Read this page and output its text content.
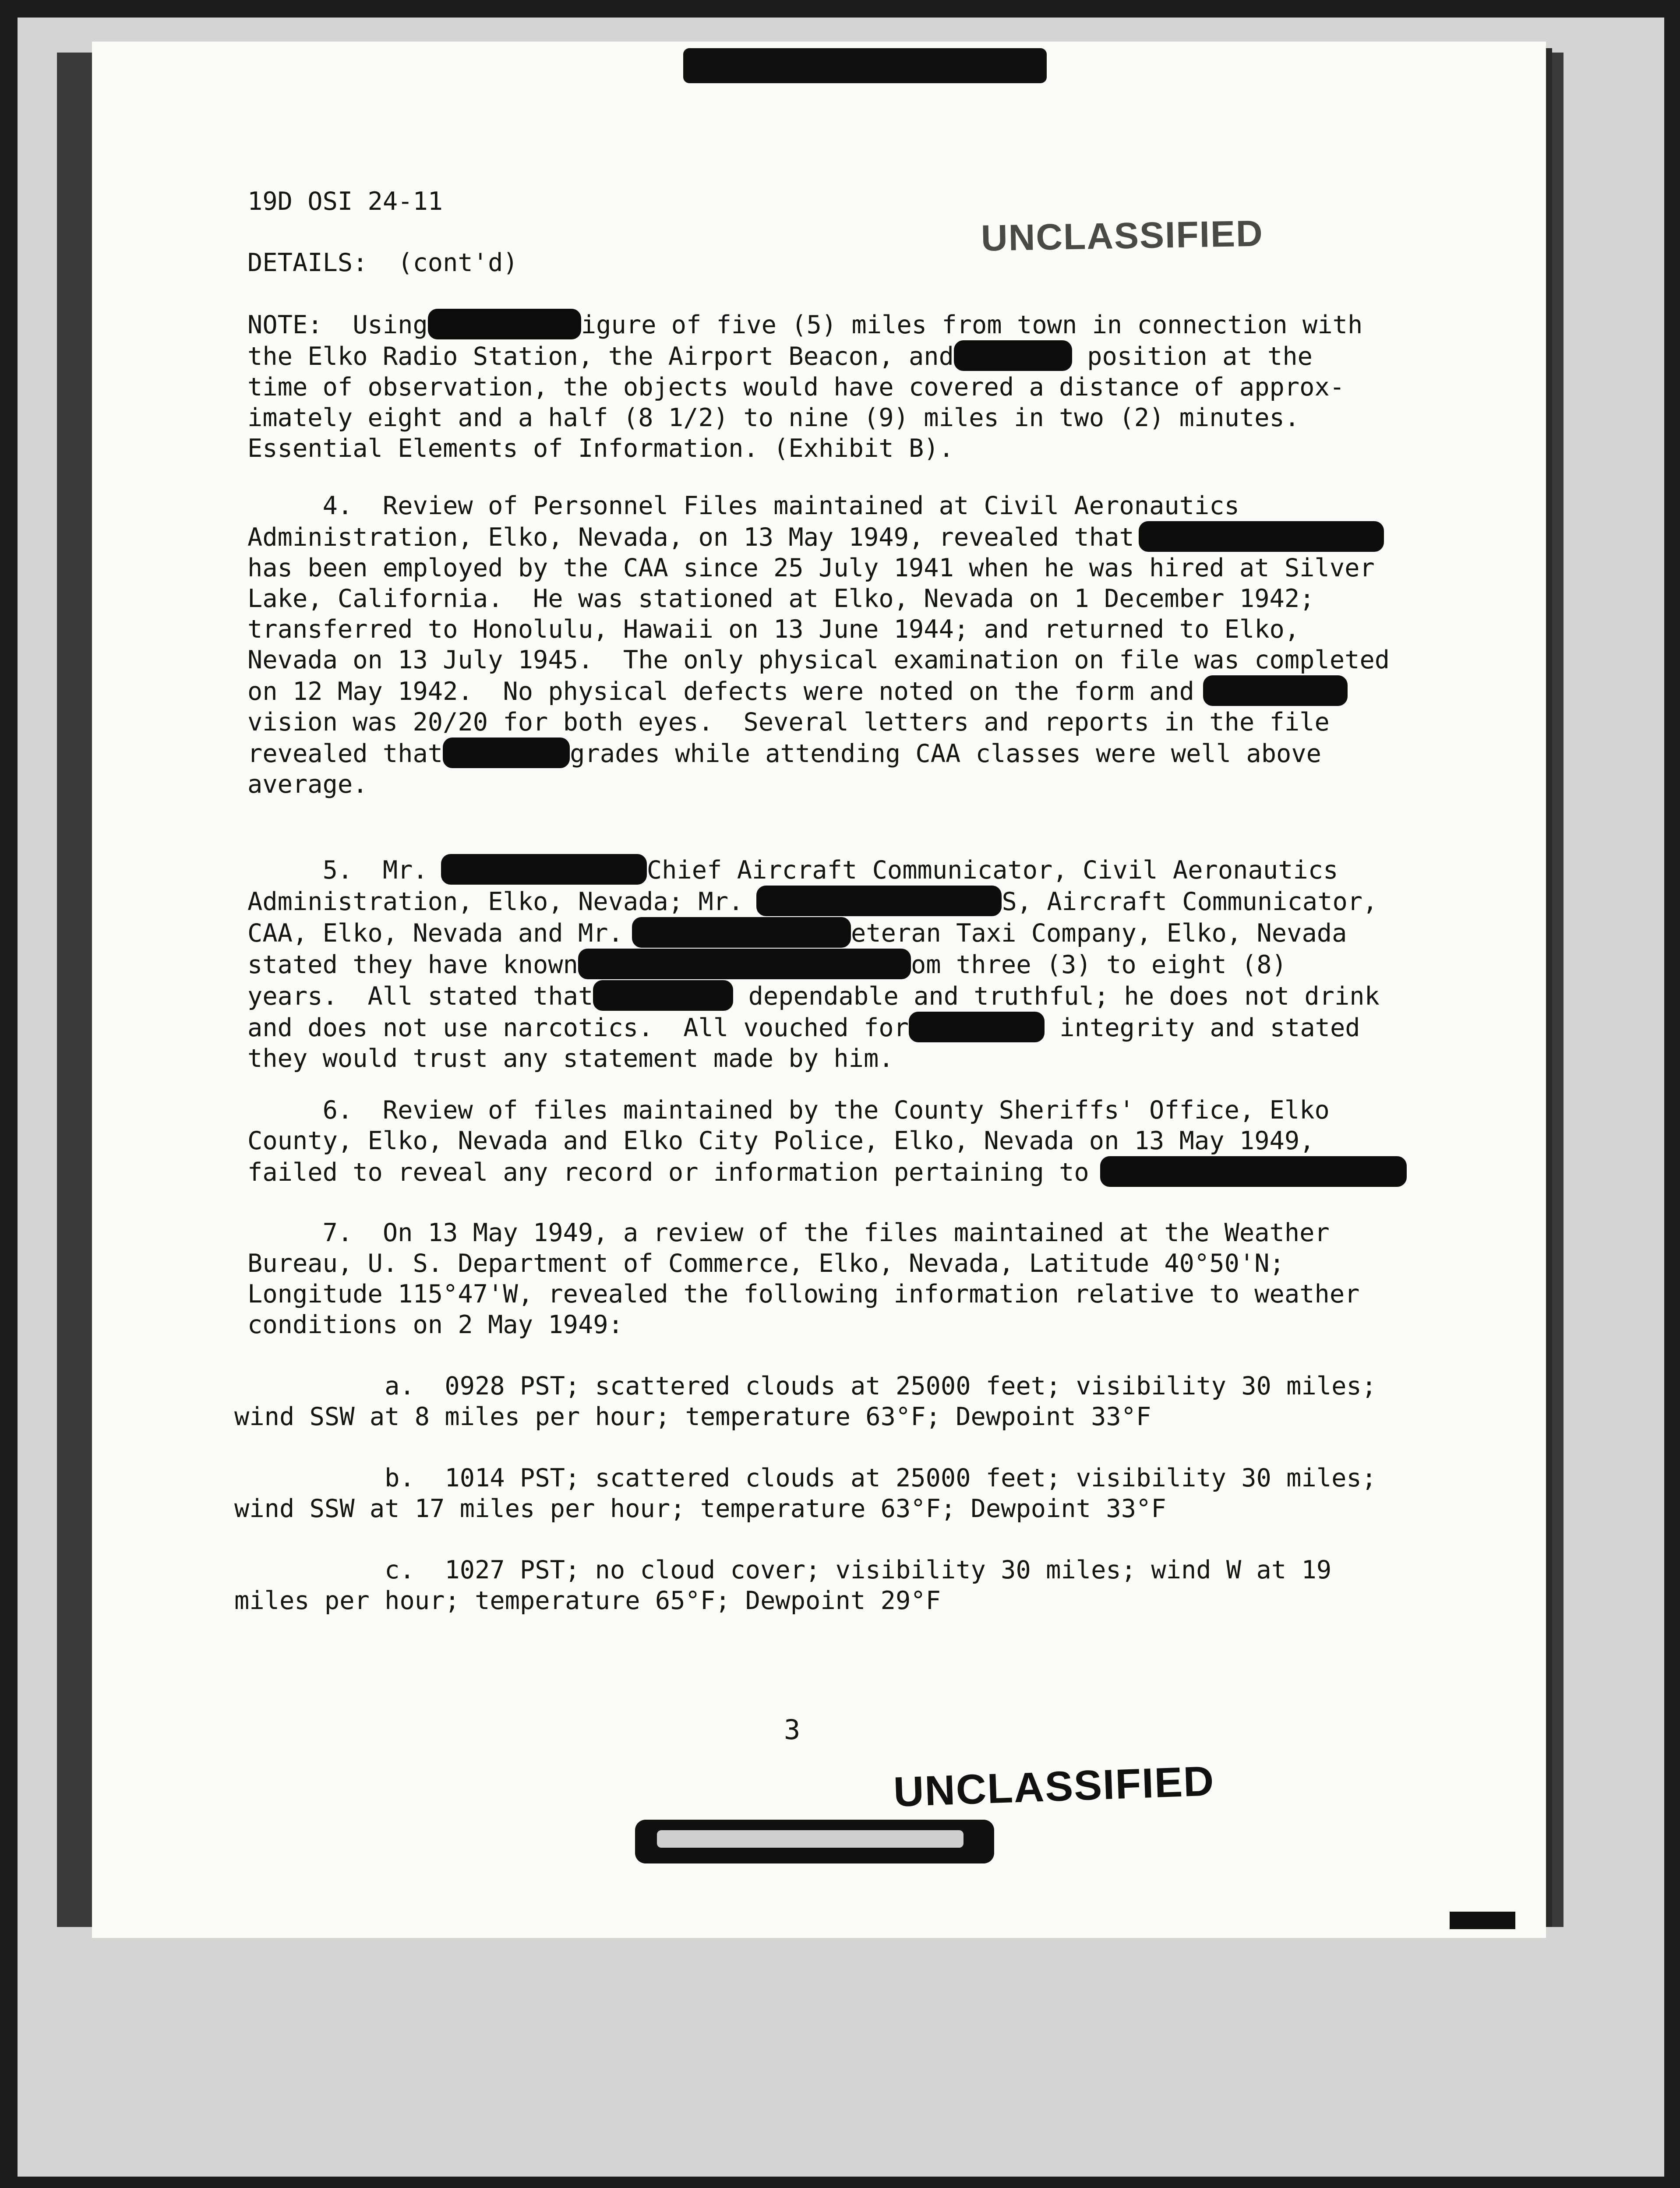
19D OSI 24-11
UNCLASSIFIED
DETAILS:  (cont'd)
NOTE:  Using	igure of five (5) miles from town in connection with
the Elko Radio Station, the Airport Beacon, and	position at the
time of observation, the objects would have covered a distance of approx-
imately eight and a half (8 1/2) to nine (9) miles in two (2) minutes.
Essential Elements of Information. (Exhibit B).
4.  Review of Personnel Files maintained at Civil Aeronautics
Administration, Elko, Nevada, on 13 May 1949, revealed that
has been employed by the CAA since 25 July 1941 when he was hired at Silver
Lake, California.  He was stationed at Elko, Nevada on 1 December 1942;
transferred to Honolulu, Hawaii on 13 June 1944; and returned to Elko,
Nevada on 13 July 1945.  The only physical examination on file was completed
on 12 May 1942.  No physical defects were noted on the form and
vision was 20/20 for both eyes.  Several letters and reports in the file
revealed that	grades while attending CAA classes were well above
average.
5.  Mr.	Chief Aircraft Communicator, Civil Aeronautics
Administration, Elko, Nevada; Mr.	S, Aircraft Communicator,
CAA, Elko, Nevada and Mr.	eteran Taxi Company, Elko, Nevada
stated they have known	om three (3) to eight (8)
years.  All stated that	dependable and truthful; he does not drink
and does not use narcotics.  All vouched for	integrity and stated
they would trust any statement made by him.
6.  Review of files maintained by the County Sheriffs' Office, Elko
County, Elko, Nevada and Elko City Police, Elko, Nevada on 13 May 1949,
failed to reveal any record or information pertaining to
7.  On 13 May 1949, a review of the files maintained at the Weather
Bureau, U. S. Department of Commerce, Elko, Nevada, Latitude 40°50'N;
Longitude 115°47'W, revealed the following information relative to weather
conditions on 2 May 1949:
a.  0928 PST; scattered clouds at 25000 feet; visibility 30 miles;
wind SSW at 8 miles per hour; temperature 63°F; Dewpoint 33°F
b.  1014 PST; scattered clouds at 25000 feet; visibility 30 miles;
wind SSW at 17 miles per hour; temperature 63°F; Dewpoint 33°F
c.  1027 PST; no cloud cover; visibility 30 miles; wind W at 19
miles per hour; temperature 65°F; Dewpoint 29°F
3
UNCLASSIFIED
